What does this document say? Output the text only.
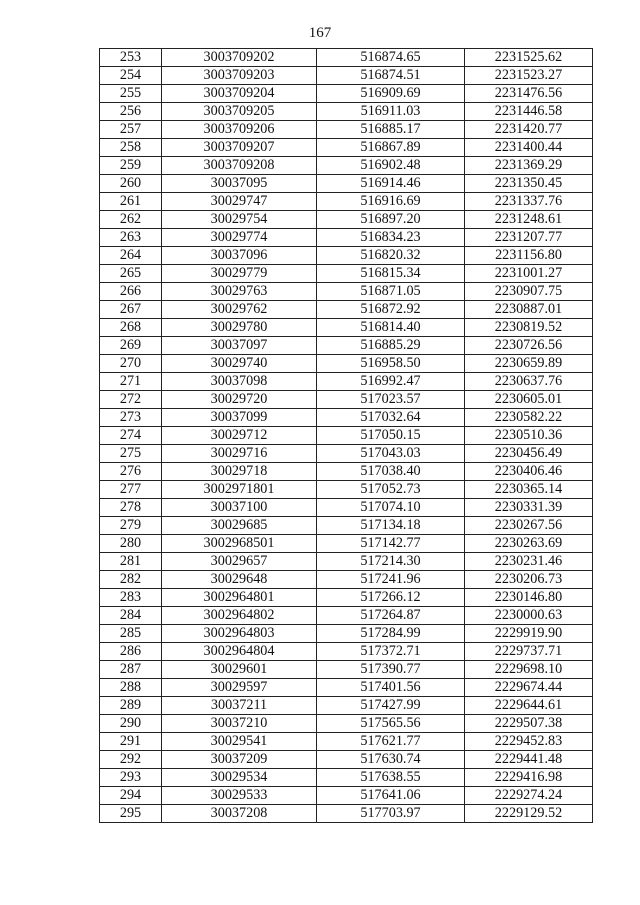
167
253	3003709202	516874.65	2231525.62
254	3003709203	516874.51	2231523.27
255	3003709204	516909.69	2231476.56
256	3003709205	516911.03	2231446.58
257	3003709206	516885.17	2231420.77
258	3003709207	516867.89	2231400.44
259	3003709208	516902.48	2231369.29
260	30037095	516914.46	2231350.45
261	30029747	516916.69	2231337.76
262	30029754	516897.20	2231248.61
263	30029774	516834.23	2231207.77
264	30037096	516820.32	2231156.80
265	30029779	516815.34	2231001.27
266	30029763	516871.05	2230907.75
267	30029762	516872.92	2230887.01
268	30029780	516814.40	2230819.52
269	30037097	516885.29	2230726.56
270	30029740	516958.50	2230659.89
271	30037098	516992.47	2230637.76
272	30029720	517023.57	2230605.01
273	30037099	517032.64	2230582.22
274	30029712	517050.15	2230510.36
275	30029716	517043.03	2230456.49
276	30029718	517038.40	2230406.46
277	3002971801	517052.73	2230365.14
278	30037100	517074.10	2230331.39
279	30029685	517134.18	2230267.56
280	3002968501	517142.77	2230263.69
281	30029657	517214.30	2230231.46
282	30029648	517241.96	2230206.73
283	3002964801	517266.12	2230146.80
284	3002964802	517264.87	2230000.63
285	3002964803	517284.99	2229919.90
286	3002964804	517372.71	2229737.71
287	30029601	517390.77	2229698.10
288	30029597	517401.56	2229674.44
289	30037211	517427.99	2229644.61
290	30037210	517565.56	2229507.38
291	30029541	517621.77	2229452.83
292	30037209	517630.74	2229441.48
293	30029534	517638.55	2229416.98
294	30029533	517641.06	2229274.24
295	30037208	517703.97	2229129.52
